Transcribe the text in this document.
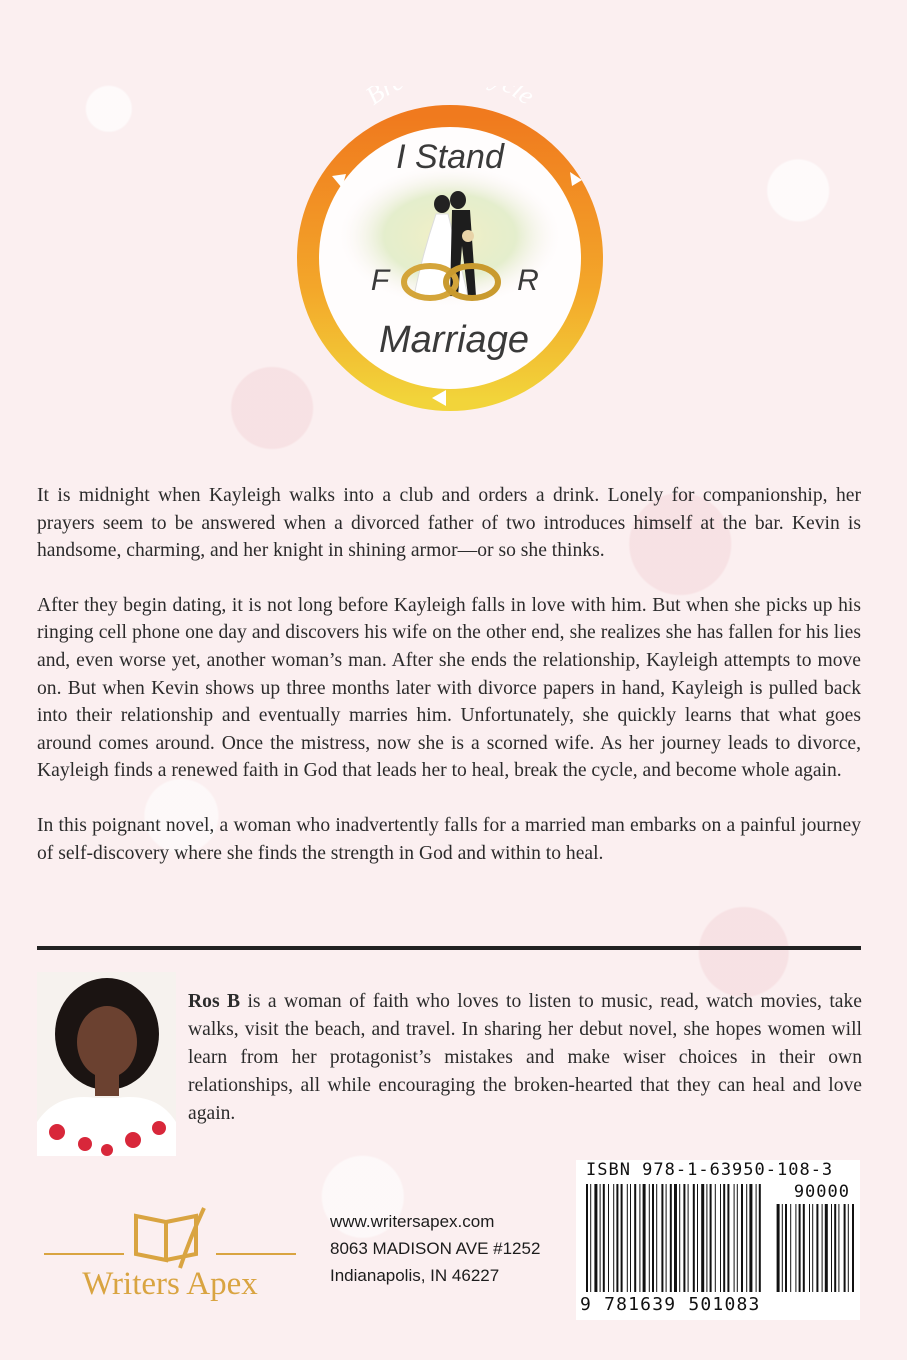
Br le
I Stand
F	R
Marriage

It is midnight when Kayleigh walks into a club and orders a drink. Lonely for companionship, her prayers seem to be answered when a divorced father of two introduces himself at the bar. Kevin is handsome, charming, and her knight in shining armor—or so she thinks.

After they begin dating, it is not long before Kayleigh falls in love with him. But when she picks up his ringing cell phone one day and discovers his wife on the other end, she realizes she has fallen for his lies and, even worse yet, another woman’s man. After she ends the relationship, Kayleigh attempts to move on. But when Kevin shows up three months later with divorce papers in hand, Kayleigh is pulled back into their relationship and eventually marries him. Unfortunately, she quickly learns that what goes around comes around. Once the mistress, now she is a scorned wife. As her journey leads to divorce, Kayleigh finds a renewed faith in God that leads her to heal, break the cycle, and become whole again.

In this poignant novel, a woman who inadvertently falls for a married man embarks on a painful journey of self-discovery where she finds the strength in God and within to heal.

Ros B is a woman of faith who loves to listen to music, read, watch movies, take walks, visit the beach, and travel. In sharing her debut novel, she hopes women will learn from her protagonist’s mistakes and make wiser choices in their own relationships, all while encouraging the broken-hearted that they can heal and love again.
Writers Apex
www.writersapex.com
8063 MADISON AVE #1252
Indianapolis, IN 46227
ISBN 978-1-63950-108-3
90000
9 781639 501083
